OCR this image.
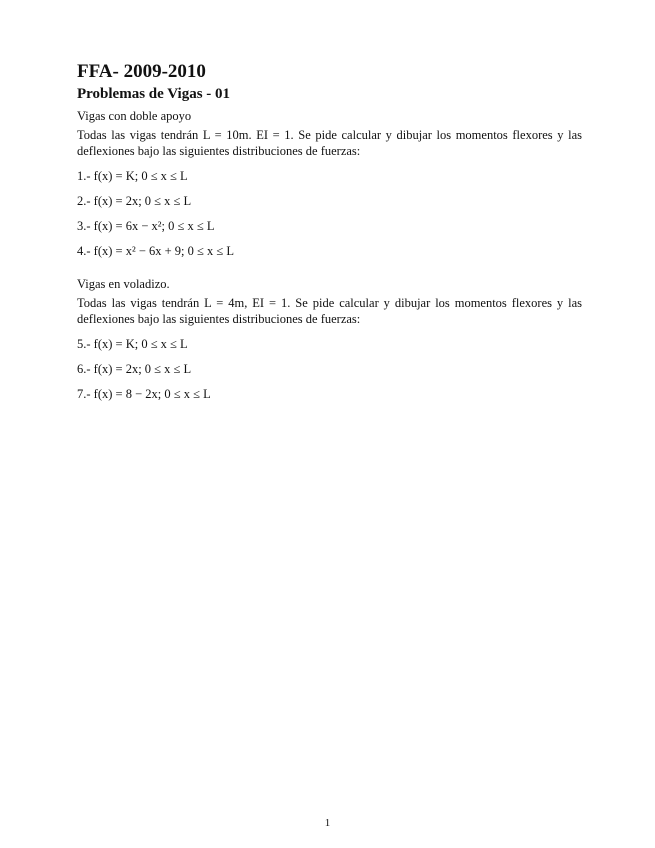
FFA- 2009-2010
Problemas de Vigas - 01
Vigas con doble apoyo
Todas las vigas tendrán L = 10m. EI = 1. Se pide calcular y dibujar los momentos flexores y las deflexiones bajo las siguientes distribuciones de fuerzas:
1.- f(x) = K; 0 ≤ x ≤ L
2.- f(x) = 2x; 0 ≤ x ≤ L
3.- f(x) = 6x − x²; 0 ≤ x ≤ L
4.- f(x) = x² − 6x + 9; 0 ≤ x ≤ L
Vigas en voladizo.
Todas las vigas tendrán L = 4m, EI = 1. Se pide calcular y dibujar los momentos flexores y las deflexiones bajo las siguientes distribuciones de fuerzas:
5.- f(x) = K; 0 ≤ x ≤ L
6.- f(x) = 2x; 0 ≤ x ≤ L
7.- f(x) = 8 − 2x; 0 ≤ x ≤ L
1
